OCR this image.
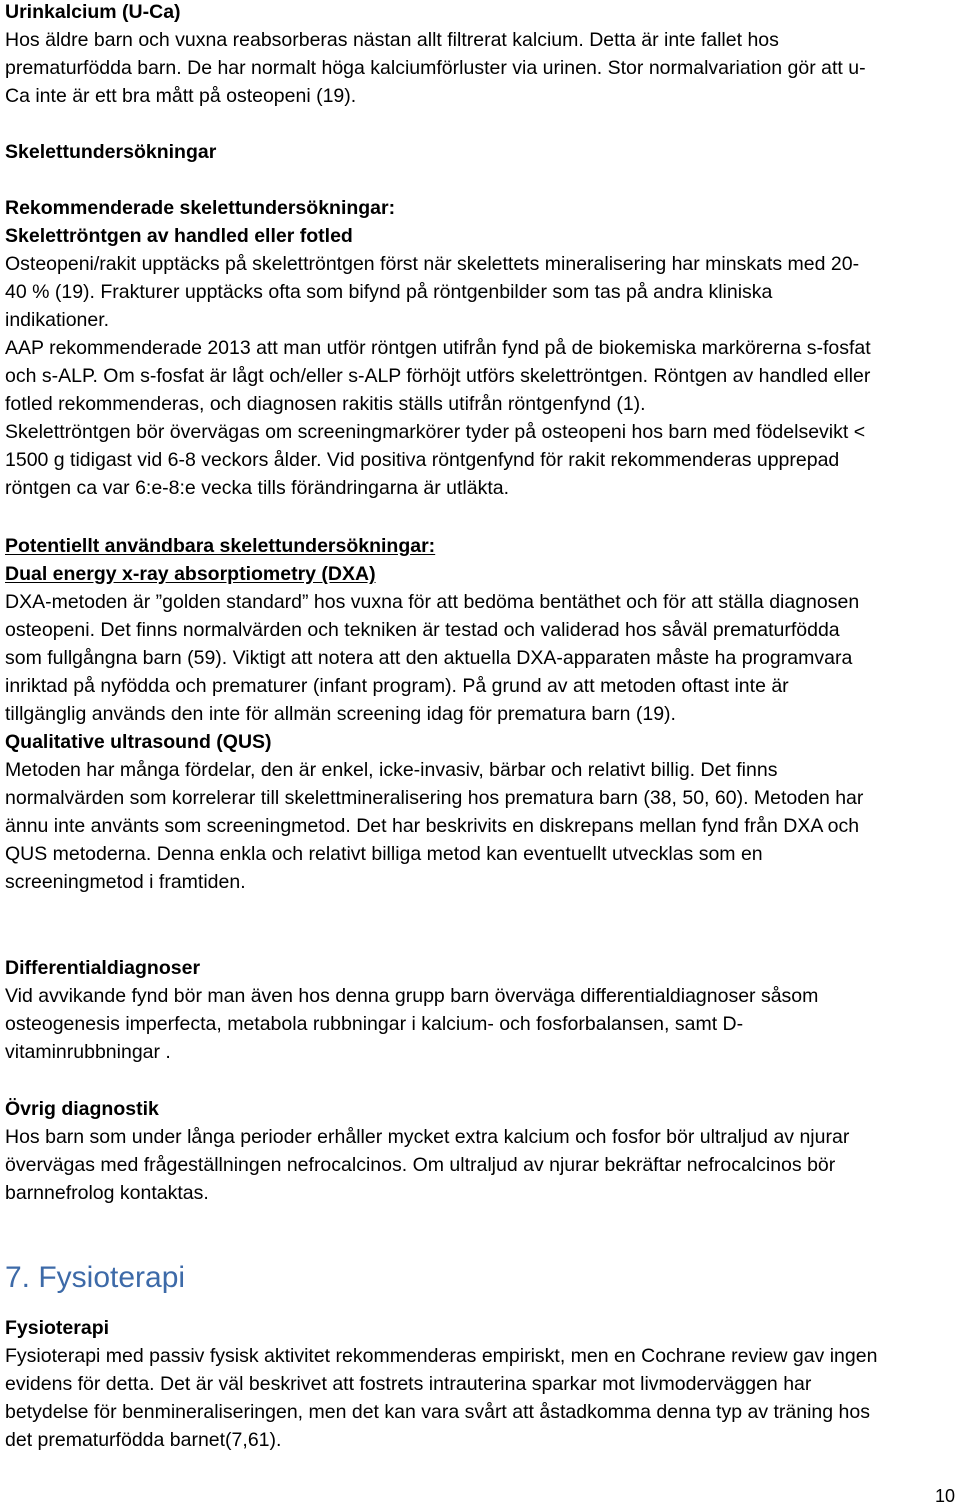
Urinkalcium (U-Ca)
Hos äldre barn och vuxna reabsorberas nästan allt filtrerat kalcium. Detta är inte fallet hos
prematurfödda barn. De har normalt höga kalciumförluster via urinen. Stor normalvariation gör att u-
Ca inte är ett bra mått på osteopeni (19).
Skelettundersökningar
Rekommenderade skelettundersökningar:
Skelettröntgen av handled eller fotled
Osteopeni/rakit upptäcks på skelettröntgen först när skelettets mineralisering har minskats med 20-
40 % (19). Frakturer upptäcks ofta som bifynd på röntgenbilder som tas på andra kliniska
indikationer.
AAP rekommenderade 2013 att man utför röntgen utifrån fynd på de biokemiska markörerna s-fosfat
och s-ALP. Om s-fosfat är lågt och/eller s-ALP förhöjt utförs skelettröntgen. Röntgen av handled eller
fotled rekommenderas, och diagnosen rakitis ställs utifrån röntgenfynd (1).
Skelettröntgen bör övervägas om screeningmarkörer tyder på osteopeni hos barn med födelsevikt <
1500 g tidigast vid 6-8 veckors ålder. Vid positiva röntgenfynd för rakit rekommenderas upprepad
röntgen ca var 6:e-8:e vecka tills förändringarna är utläkta.
Potentiellt användbara skelettundersökningar:
Dual energy x-ray absorptiometry (DXA)
DXA-metoden är ”golden standard” hos vuxna för att bedöma bentäthet och för att ställa diagnosen
osteopeni. Det finns normalvärden och tekniken är testad och validerad hos såväl prematurfödda
som fullgångna barn (59). Viktigt att notera att den aktuella DXA-apparaten måste ha programvara
inriktad på nyfödda och prematurer (infant program). På grund av att metoden oftast inte är
tillgänglig används den inte för allmän screening idag för prematura barn (19).
Qualitative ultrasound (QUS)
Metoden har många fördelar, den är enkel, icke-invasiv, bärbar och relativt billig. Det finns
normalvärden som korrelerar till skelettmineralisering hos prematura barn (38, 50, 60). Metoden har
ännu inte använts som screeningmetod. Det har beskrivits en diskrepans mellan fynd från DXA och
QUS metoderna. Denna enkla och relativt billiga metod kan eventuellt utvecklas som en
screeningmetod i framtiden.
Differentialdiagnoser
Vid avvikande fynd bör man även hos denna grupp barn överväga differentialdiagnoser såsom
osteogenesis imperfecta, metabola rubbningar i kalcium- och fosforbalansen, samt D-
vitaminrubbningar .
Övrig diagnostik
Hos barn som under långa perioder erhåller mycket extra kalcium och fosfor bör ultraljud av njurar
övervägas med frågeställningen nefrocalcinos. Om ultraljud av njurar bekräftar nefrocalcinos bör
barnnefrolog kontaktas.
7. Fysioterapi
Fysioterapi
Fysioterapi med passiv fysisk aktivitet rekommenderas empiriskt, men en Cochrane review gav ingen
evidens för detta. Det är väl beskrivet att fostrets intrauterina sparkar mot livmoderväggen har
betydelse för benmineraliseringen, men det kan vara svårt att åstadkomma denna typ av träning hos
det prematurfödda barnet(7,61).
10
